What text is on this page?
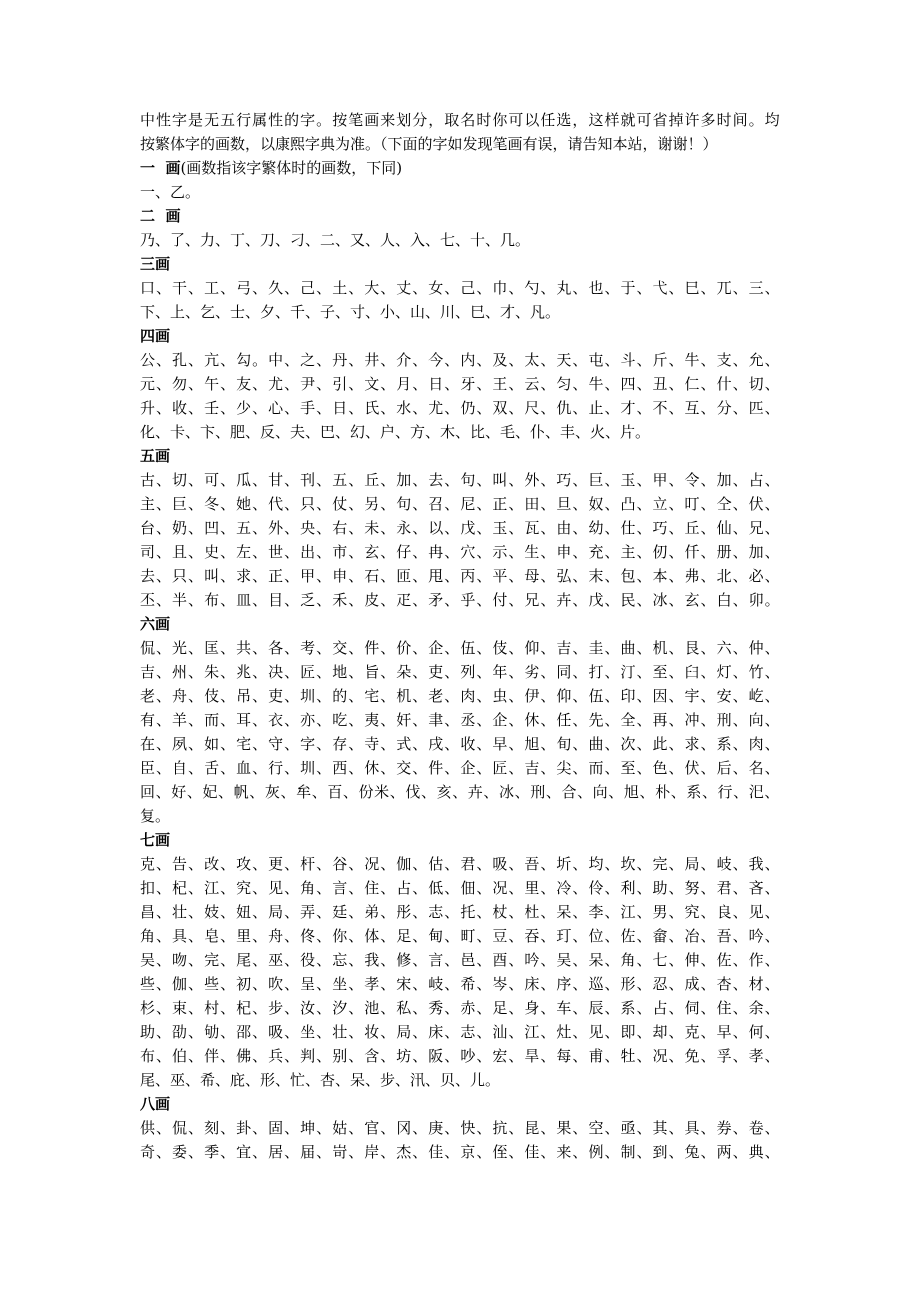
中 性 字 是 无 五 行 属 性 的 字 。 按 笔 画 来 划 分 ， 取 名 时 你 可 以 任 选 ， 这 样 就 可 省 掉 许 多 时 间 。 均
按繁体字的画数，以康熙字典为准。（下面的字如发现笔画有误，请告知本站，谢谢！）
一  画(画数指该字繁体时的画数，下同)
一、乙。
二  画
乃、了、力、丁、刀、刁、二、又、人、入、七、十、几。
三画
口 、 干 、 工 、 弓 、 久 、 己 、 土 、 大 、 丈 、 女 、 己 、 巾 、 勺 、 丸 、 也 、 于 、 弋 、 巳 、 兀 、 三 、
下、上、乞、士、夕、千、子、寸、小、山、川、巳、才、凡。
四画
公 、 孔 、 亢 、 勾 。 中 、 之 、 丹 、 井 、 介 、 今 、 内 、 及 、 太 、 天 、 屯 、 斗 、 斤 、 牛 、 支 、 允 、
元 、 勿 、 午 、 友 、 尤 、 尹 、 引 、 文 、 月 、 日 、 牙 、 王 、 云 、 匀 、 牛 、 四 、 丑 、 仁 、 什 、 切 、
升 、 收 、 壬 、 少 、 心 、 手 、 日 、 氏 、 水 、 尤 、 仍 、 双 、 尺 、 仇 、 止 、 才 、 不 、 互 、 分 、 匹 、
化、卡、卞、肥、反、夫、巴、幻、户、方、木、比、毛、仆、丰、火、片。
五画
古 、 切 、 可 、 瓜 、 甘 、 刊 、 五 、 丘 、 加 、 去 、 句 、 叫 、 外 、 巧 、 巨 、 玉 、 甲 、 令 、 加 、 占 、
主 、 巨 、 冬 、 她 、 代 、 只 、 仗 、 另 、 句 、 召 、 尼 、 正 、 田 、 旦 、 奴 、 凸 、 立 、 叮 、 仝 、 伏 、
台 、 奶 、 凹 、 五 、 外 、 央 、 右 、 未 、 永 、 以 、 戊 、 玉 、 瓦 、 由 、 幼 、 仕 、 巧 、 丘 、 仙 、 兄 、
司 、 且 、 史 、 左 、 世 、 出 、 市 、 玄 、 仔 、 冉 、 穴 、 示 、 生 、 申 、 充 、 主 、 仞 、 仟 、 册 、 加 、
去 、 只 、 叫 、 求 、 正 、 甲 、 申 、 石 、 匝 、 甩 、 丙 、 平 、 母 、 弘 、 末 、 包 、 本 、 弗 、 北 、 必 、
丕 、 半 、 布 、 皿 、 目 、 乏 、 禾 、 皮 、 疋 、 矛 、 乎 、 付 、 兄 、 卉 、 戊 、 民 、 冰 、 玄 、 白 、 卯 。
六画
侃 、 光 、 匡 、 共 、 各 、 考 、 交 、 件 、 价 、 企 、 伍 、 伎 、 仰 、 吉 、 圭 、 曲 、 机 、 艮 、 六 、 仲 、
吉 、 州 、 朱 、 兆 、 决 、 匠 、 地 、 旨 、 朵 、 吏 、 列 、 年 、 劣 、 同 、 打 、 汀 、 至 、 臼 、 灯 、 竹 、
老 、 舟 、 伎 、 吊 、 吏 、 圳 、 的 、 宅 、 机 、 老 、 肉 、 虫 、 伊 、 仰 、 伍 、 印 、 因 、 宇 、 安 、 屹 、
有 、 羊 、 而 、 耳 、 衣 、 亦 、 吃 、 夷 、 奸 、 聿 、 丞 、 企 、 休 、 任 、 先 、 全 、 再 、 冲 、 刑 、 向 、
在 、 夙 、 如 、 宅 、 守 、 字 、 存 、 寺 、 式 、 戌 、 收 、 早 、 旭 、 旬 、 曲 、 次 、 此 、 求 、 系 、 肉 、
臣 、 自 、 舌 、 血 、 行 、 圳 、 西 、 休 、 交 、 件 、 企 、 匠 、 吉 、 尖 、 而 、 至 、 色 、 伏 、 后 、 名 、
回 、 好 、 妃 、 帆 、 灰 、 牟 、 百 、 份 米 、 伐 、 亥 、 卉 、 冰 、 刑 、 合 、 向 、 旭 、 朴 、 系 、 行 、 汜 、
复。
七画
克 、 告 、 改 、 攻 、 更 、 杆 、 谷 、 况 、 伽 、 估 、 君 、 吸 、 吾 、 圻 、 均 、 坎 、 完 、 局 、 岐 、 我 、
扣 、 杞 、 江 、 究 、 见 、 角 、 言 、 住 、 占 、 低 、 佃 、 况 、 里 、 冷 、 伶 、 利 、 助 、 努 、 君 、 吝 、
昌 、 壮 、 妓 、 妞 、 局 、 弄 、 廷 、 弟 、 彤 、 志 、 托 、 杖 、 杜 、 呆 、 李 、 江 、 男 、 究 、 良 、 见 、
角 、 具 、 皂 、 里 、 舟 、 佟 、 你 、 体 、 足 、 甸 、 町 、 豆 、 吞 、 玎 、 位 、 佐 、 畲 、 冶 、 吾 、 吟 、
吴 、 吻 、 完 、 尾 、 巫 、 役 、 忘 、 我 、 修 、 言 、 邑 、 酉 、 吟 、 吴 、 呆 、 角 、 七 、 伸 、 佐 、 作 、
些 、 伽 、 些 、 初 、 吹 、 呈 、 坐 、 孝 、 宋 、 岐 、 希 、 岑 、 床 、 序 、 巡 、 形 、 忍 、 成 、 杏 、 材 、
杉 、 束 、 村 、 杞 、 步 、 汝 、 汐 、 池 、 私 、 秀 、 赤 、 足 、 身 、 车 、 辰 、 系 、 占 、 伺 、 住 、 余 、
助 、 劭 、 劬 、 邵 、 吸 、 坐 、 壮 、 妆 、 局 、 床 、 志 、 汕 、 江 、 灶 、 见 、 即 、 却 、 克 、 早 、 何 、
布 、 伯 、 伴 、 佛 、 兵 、 判 、 别 、 含 、 坊 、 阪 、 吵 、 宏 、 旱 、 每 、 甫 、 牡 、 况 、 免 、 孚 、 孝 、
尾、巫、希、庇、形、忙、杏、呆、步、汛、贝、儿。
八画
供 、 侃 、 刻 、 卦 、 固 、 坤 、 姑 、 官 、 冈 、 庚 、 快 、 抗 、 昆 、 果 、 空 、 亟 、 其 、 具 、 券 、 卷 、
奇 、 委 、 季 、 宜 、 居 、 届 、 岢 、 岸 、 杰 、 佳 、 京 、 侄 、 佳 、 来 、 例 、 制 、 到 、 兔 、 两 、 典 、
